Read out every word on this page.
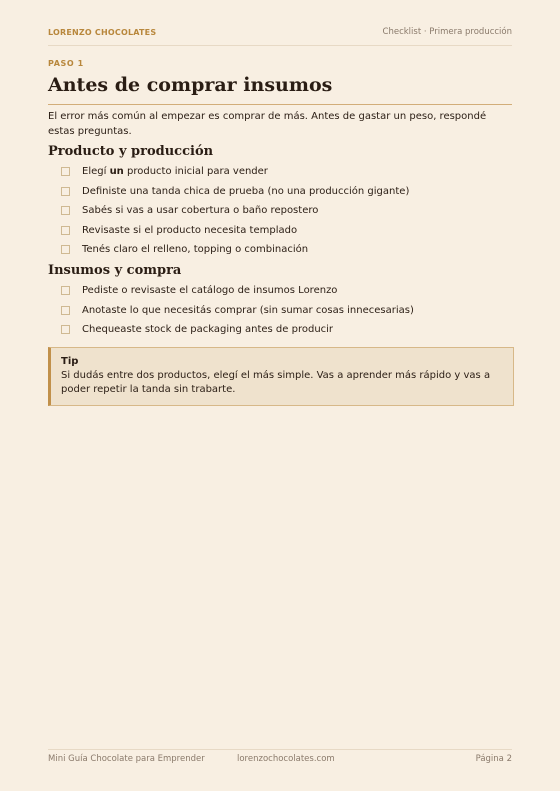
LORENZO CHOCOLATES	Checklist · Primera producción
PASO 1
Antes de comprar insumos

El error más común al empezar es comprar de más. Antes de gastar un peso, respondé estas preguntas.

Producto y producción
Elegí un producto inicial para vender
Definiste una tanda chica de prueba (no una producción gigante)
Sabés si vas a usar cobertura o baño repostero
Revisaste si el producto necesita templado
Tenés claro el relleno, topping o combinación
Insumos y compra
Pediste o revisaste el catálogo de insumos Lorenzo
Anotaste lo que necesitás comprar (sin sumar cosas innecesarias)
Chequeaste stock de packaging antes de producir
Tip
Si dudás entre dos productos, elegí el más simple. Vas a aprender más rápido y vas a poder repetir la tanda sin trabarte.
Mini Guía Chocolate para Emprender	lorenzochocolates.com	Página 2
